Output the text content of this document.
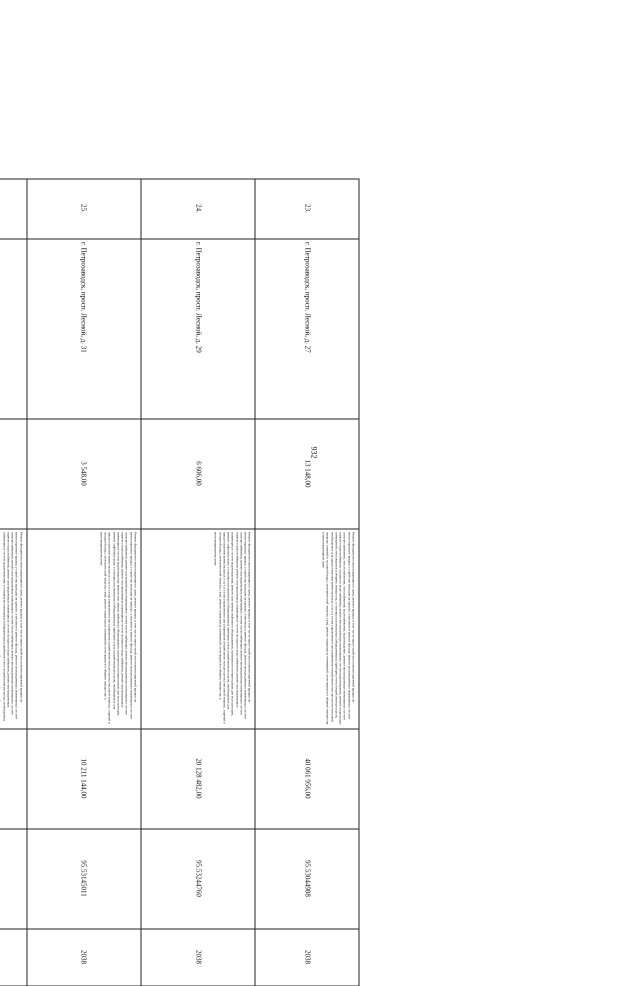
932
	23.	г. Петрозаводск, просп. Лесной, д. 27	13 148,00	Ремонт фундамента многоквартирного дома, ремонт крыши, в том числе переустройство невентилируемой крыши на вентилируемую крышу, устройство выходов на кровлю, утепление и ремонт фасада, ремонт внутридомовых инженерных систем электроснабжения, теплоснабжения, газоснабжения, водоснабжения, водоотведения, ремонт внутридомовых инженерных систем горячего водоснабжения, холодного водоснабжения, ремонт внутридомовых инженерных систем водоотведения, ремонт подвальных помещений, относящихся к общему имуществу, установка коллективных (общедомовых) приборов учета потребления ресурсов, необходимых для предоставления коммунальных услуг, и узлов управления и регулирования потребления этих ресурсов (тепловой энергии, горячей и холодной воды, электрической энергии, газа), ремонт подвальных помещений, относящихся к общему имуществу в многоквартирном доме	40 061 956,00	95.53044988	2038
	24.	г. Петрозаводск, просп. Лесной, д. 29	6 606,00	Ремонт фундамента многоквартирного дома, ремонт крыши, в том числе переустройство невентилируемой крыши на вентилируемую крышу, устройство выходов на кровлю, утепление и ремонт фасада, ремонт внутридомовых инженерных систем электроснабжения, ремонт внутридомовых инженерных систем теплоснабжения, ремонт внутридомовых инженерных систем горячего водоснабжения, ремонт внутридомовых инженерных систем холодного водоснабжения, ремонт внутридомовых инженерных систем водоотведения, ремонт или замена лифтового оборудования, признанного непригодным для эксплуатации, ремонт лифтовых шахт, установка коллективных (общедомовых) приборов учета потребления ресурсов, необходимых для предоставления коммунальных услуг, и узлов управления и регулирования потребления этих ресурсов (тепловой энергии, горячей и холодной воды, электрической энергии, газа), ремонт подвальных помещений, относящихся к общему имуществу в многоквартирном доме	20 128 482,00	95.53244760	2038
	25.	г. Петрозаводск, просп. Лесной, д. 31	3 548,00	Ремонт фундамента многоквартирного дома, ремонт крыши, в том числе переустройство невентилируемой крыши на вентилируемую крышу, устройство выходов на кровлю, утепление и ремонт фасада, ремонт внутридомовых инженерных систем электроснабжения, ремонт внутридомовых инженерных систем теплоснабжения, ремонт внутридомовых инженерных систем горячего водоснабжения, ремонт внутридомовых инженерных систем холодного водоснабжения, ремонт внутридомовых инженерных систем водоотведения, ремонт или замена лифтового оборудования, признанного непригодным для эксплуатации, ремонт лифтовых шахт, установка коллективных (общедомовых) приборов учета потребления ресурсов, необходимых для предоставления коммунальных услуг, и узлов управления и регулирования потребления этих ресурсов (тепловой энергии, горячей и холодной воды, электрической энергии, газа), ремонт подвальных помещений, относящихся к общему имуществу в многоквартирном доме	10 211 144,00	95.53145011	2038
				Ремонт фундамента многоквартирного дома, ремонт крыши, в том числе переустройство невентилируемой крыши на вентилируемую крышу, устройство выходов на кровлю, утепление и ремонт фасада, ремонт внутридомовых инженерных систем электроснабжения, ремонт внутридомовых инженерных систем теплоснабжения, ремонт внутридомовых инженерных систем горячего водоснабжения, ремонт внутридомовых инженерных систем холодного водоснабжения, ремонт внутридомовых инженерных систем водоотведения, установка коллективных (общедомовых) приборов учета потребления ресурсов, необходимых			
